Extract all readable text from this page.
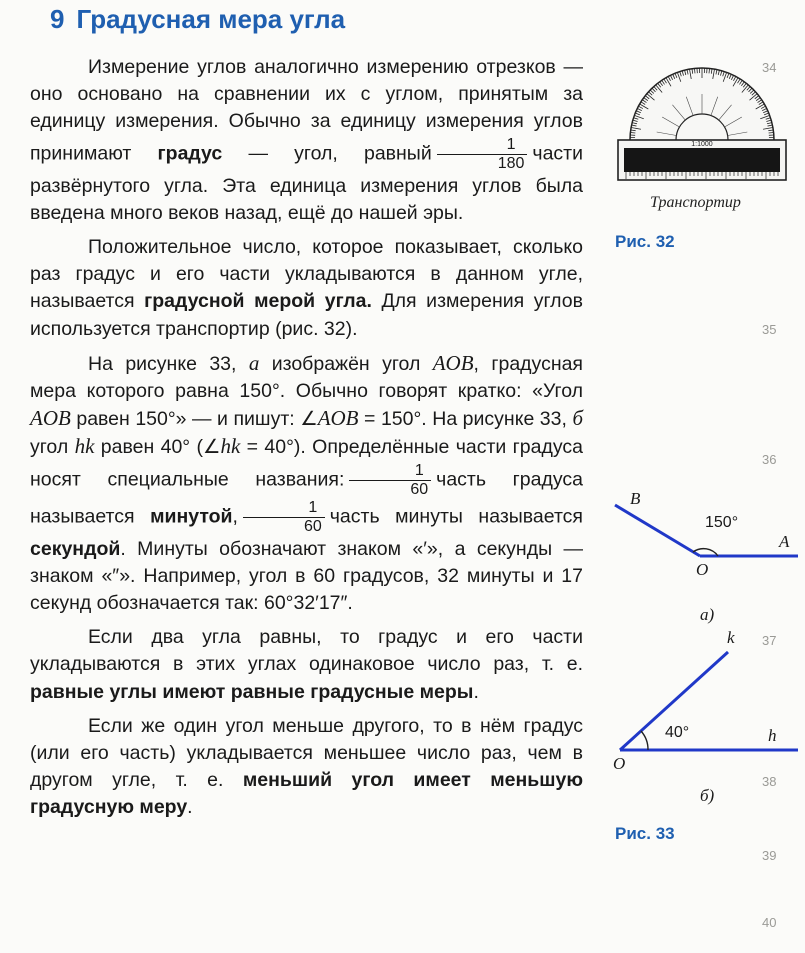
9 Градусная мера угла

Измерение углов аналогично измерению отрезков — оно основано на сравнении их с углом, принятым за единицу измерения. Обычно за единицу измерения углов принимают градус — угол, равный $\frac{1}{180}$ части развёрнутого угла. Эта единица измерения углов была введена много веков назад, ещё до нашей эры.

Положительное число, которое показывает, сколько раз градус и его части укладываются в данном угле, называется градусной мерой угла. Для измерения углов используется транспортир (рис. 32).

На рисунке 33, а изображён угол AOB, градусная мера которого равна 150°. Обычно говорят кратко: «Угол AOB равен 150°» — и пишут: ∠AOB = 150°. На рисунке 33, б угол hk равен 40° (∠hk = 40°). Определённые части градуса носят специальные названия: $\frac{1}{60}$ часть градуса называется минутой, $\frac{1}{60}$ часть минуты называется секундой. Минуты обозначают знаком «′», а секунды — знаком «″». Например, угол в 60 градусов, 32 минуты и 17 секунд обозначается так: 60°32′17″.

Если два угла равны, то градус и его части укладываются в этих углах одинаковое число раз, т. е. равные углы имеют равные градусные меры.

Если же один угол меньше другого, то в нём градус (или его часть) укладывается меньшее число раз, чем в другом угле, т. е. меньший угол имеет меньшую градусную меру.

34
35
36
37
38
39
40
1:1000
Транспортир
Рис. 32
B
A
O
150°
а)
k
h
O
40°
б)
Рис. 33
